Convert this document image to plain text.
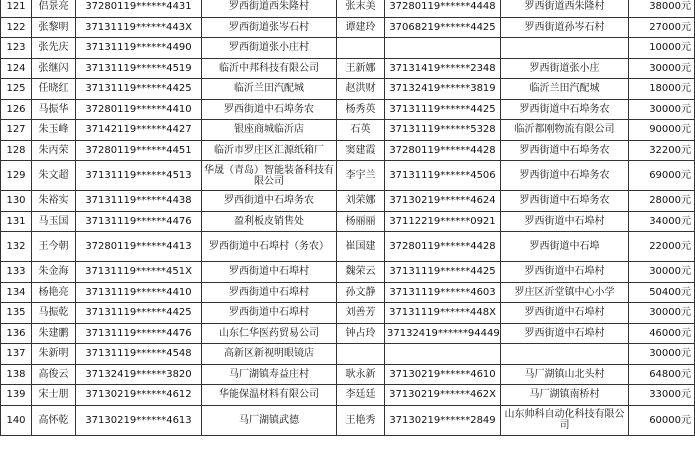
121	侣景亮	37280119******4431	罗西街道西朱隆村	张末美	37280119******4448	罗西街道西朱隆村	38000元
122	张黎明	37131119******443X	罗西街道张岑石村	谭建玲	37068219******4425	罗西街道孙岑石村	27000元
123	张先庆	37131119******4490	罗西街道张小庄村				10000元
124	张继闪	37131119******4519	临沂中邦科技有限公司	王新娜	37131419******2348	罗西街道张小庄	30000元
125	任晓红	37131119******4425	临沂兰田汽配城	赵洪财	37132419******3819	临沂兰田汽配城	18000元
126	马振华	37280119******4410	罗西街道中石埠务农	杨秀英	37131119******4425	罗西街道中石埠务农	30000元
127	朱玉峰	37142119******4427	银座商城临沂店	石英	37131119******5328	临沂都刚物流有限公司	90000元
128	朱丙荣	37280119******4451	临沂市罗庄区汇源纸箱厂	窦建霞	37280119******4428	罗西街道中石埠务农	32200元
129	朱文超	37131119******4513	华晟（青岛）智能装备科技有限公司	李宇兰	37131119******4506	罗西街道中石埠务农	69000元
130	朱裕实	37131119******4438	罗西街道中石埠务农	刘荣娜	37130219******4624	罗西街道中石埠务农	28000元
131	马玉国	37131119******4476	盈利板皮销售处	杨丽丽	37112219******0921	罗西街道中石埠村	34000元
132	王今朝	37280119******4413	罗西街道中石埠村（务农）	崔国建	37280119******4428	罗西街道中石埠	22000元
133	朱金海	37131119******451X	罗西街道中石埠村	魏荣云	37131119******4425	罗西街道中石埠村	30000元
134	杨艳亮	37131119******4410	罗西街道中石埠村	孙文静	37131119******4603	罗庄区沂堂镇中心小学	50400元
135	马振乾	37131119******4425	罗西街道中石埠村	刘善芳	37131119******448X	罗西街道中石埠村	30000元
136	朱建鹏	37131119******4476	山东仁华医药贸易公司	钟占玲	37132419******94449	罗西街道中石埠村	46000元
137	朱新明	37131119******4548	高新区新视明眼镜店				30000元
138	高俊云	37132419******3820	马厂湖镇寿益庄村	耿永新	37130219******4610	马厂湖镇山北头村	64800元
139	宋士朋	37130219******4612	华能保温材料有限公司	李廷廷	37130219******462X	马厂湖镇南桥村	33000元
140	高怀乾	37130219******4613	马厂湖镇武德	王艳秀	37130219******2849	山东帅科自动化科技有限公司	60000元
